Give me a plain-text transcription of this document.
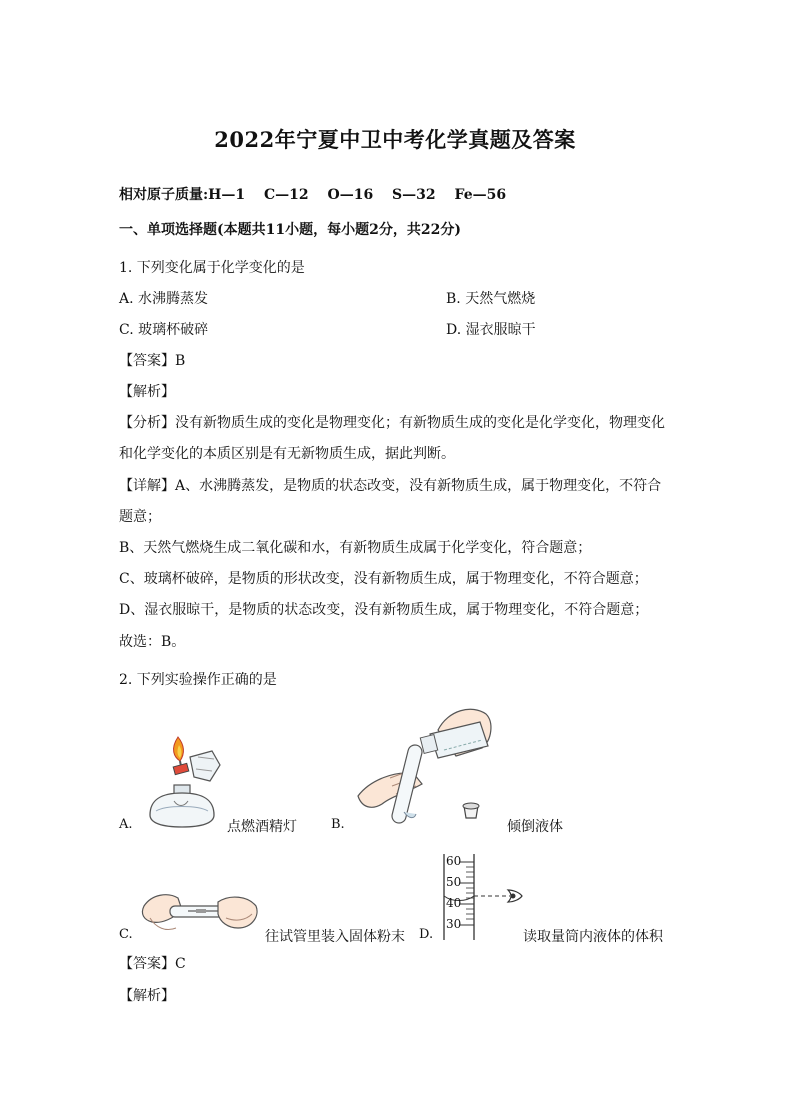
2022年宁夏中卫中考化学真题及答案
相对原子质量:H—1　 C—12　 O—16　 S—32　 Fe—56
一、单项选择题(本题共11小题，每小题2分，共22分)
1. 下列变化属于化学变化的是
A. 水沸腾蒸发	B. 天然气燃烧
C. 玻璃杯破碎	D. 湿衣服晾干
【答案】B
【解析】
【分析】没有新物质生成的变化是物理变化；有新物质生成的变化是化学变化，物理变化
和化学变化的本质区别是有无新物质生成，据此判断。
【详解】A、水沸腾蒸发，是物质的状态改变，没有新物质生成，属于物理变化，不符合
题意；
B、天然气燃烧生成二氧化碳和水，有新物质生成属于化学变化，符合题意；
C、玻璃杯破碎，是物质的形状改变，没有新物质生成，属于物理变化，不符合题意；
D、湿衣服晾干，是物质的状态改变，没有新物质生成，属于物理变化，不符合题意；
故选：B。
2. 下列实验操作正确的是
A.	点燃酒精灯	B.	倾倒液体
C.	往试管里装入固体粉末 D.
60
50
40
30
读取量筒内液体的体积
【答案】C
【解析】
